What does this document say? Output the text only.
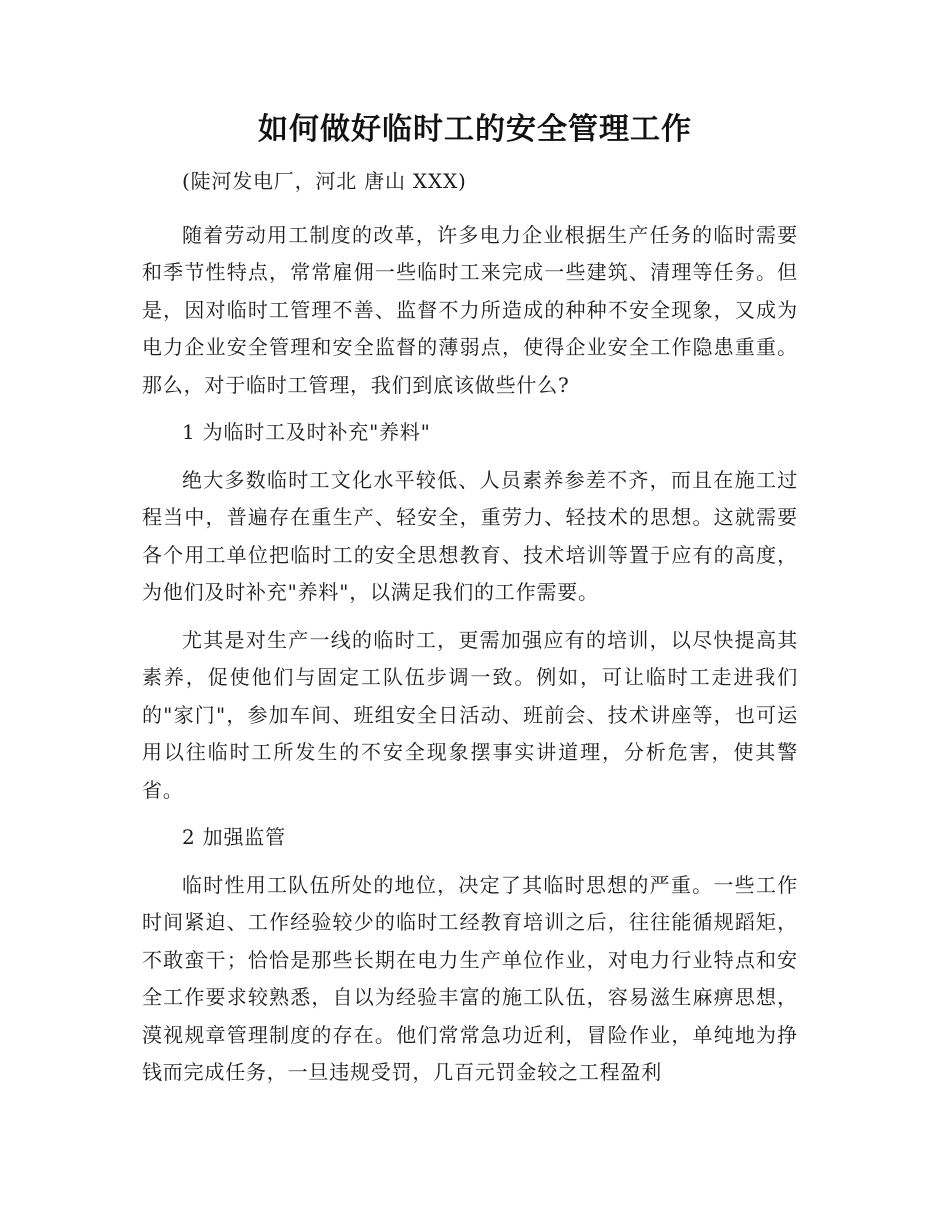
如何做好临时工的安全管理工作

(陡河发电厂，河北 唐山 XXX)

随着劳动用工制度的改革，许多电力企业根据生产任务的临时需要和季节性特点，常常雇佣一些临时工来完成一些建筑、清理等任务。但是，因对临时工管理不善、监督不力所造成的种种不安全现象，又成为电力企业安全管理和安全监督的薄弱点，使得企业安全工作隐患重重。那么，对于临时工管理，我们到底该做些什么?

1 为临时工及时补充"养料"

绝大多数临时工文化水平较低、人员素养参差不齐，而且在施工过程当中，普遍存在重生产、轻安全，重劳力、轻技术的思想。这就需要各个用工单位把临时工的安全思想教育、技术培训等置于应有的高度，为他们及时补充"养料"，以满足我们的工作需要。

尤其是对生产一线的临时工，更需加强应有的培训，以尽快提高其素养，促使他们与固定工队伍步调一致。例如，可让临时工走进我们的"家门"，参加车间、班组安全日活动、班前会、技术讲座等，也可运用以往临时工所发生的不安全现象摆事实讲道理，分析危害，使其警省。

2 加强监管

临时性用工队伍所处的地位，决定了其临时思想的严重。一些工作时间紧迫、工作经验较少的临时工经教育培训之后，往往能循规蹈矩，不敢蛮干；恰恰是那些长期在电力生产单位作业，对电力行业特点和安全工作要求较熟悉，自以为经验丰富的施工队伍，容易滋生麻痹思想，漠视规章管理制度的存在。他们常常急功近利，冒险作业，单纯地为挣钱而完成任务，一旦违规受罚，几百元罚金较之工程盈利
